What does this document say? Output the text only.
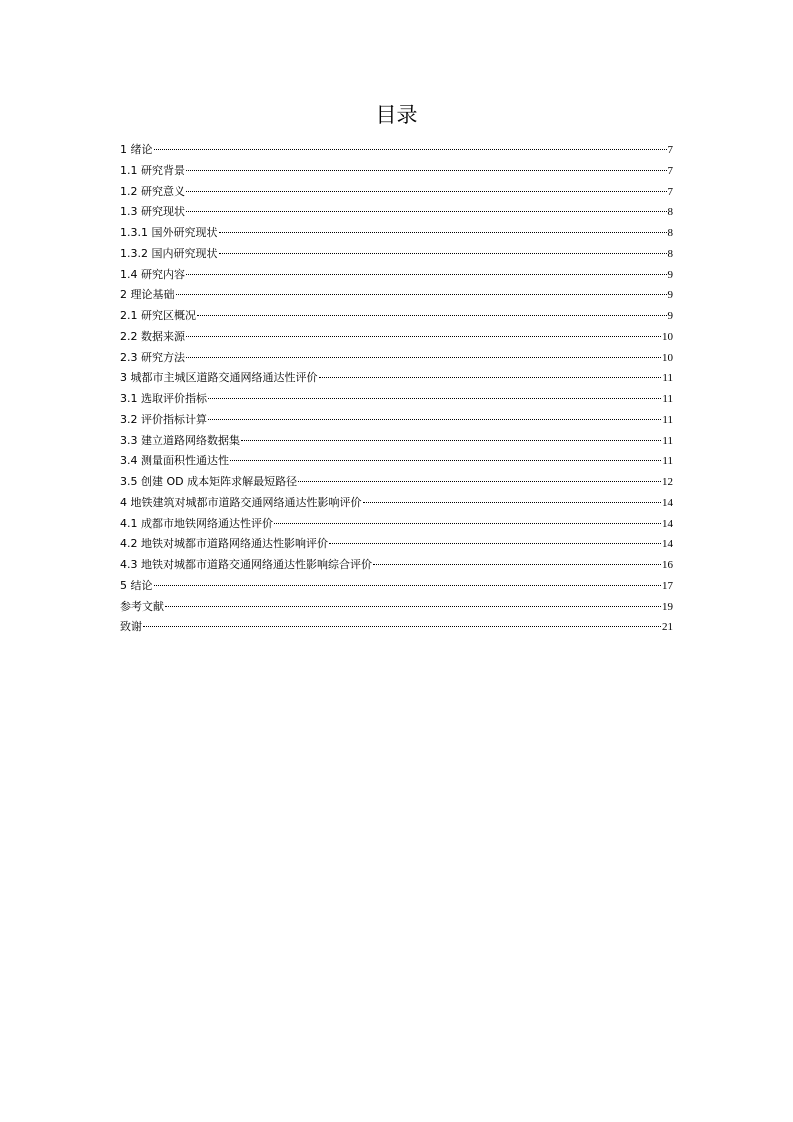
目录
1 绪论	7
1.1 研究背景	7
1.2 研究意义	7
1.3 研究现状	8
1.3.1 国外研究现状	8
1.3.2 国内研究现状	8
1.4 研究内容	9
2 理论基础	9
2.1 研究区概况	9
2.2 数据来源	10
2.3 研究方法	10
3 城都市主城区道路交通网络通达性评价	11
3.1 选取评价指标	11
3.2 评价指标计算	11
3.3 建立道路网络数据集	11
3.4 测量面积性通达性	11
3.5 创建 OD 成本矩阵求解最短路径	12
4 地铁建筑对城都市道路交通网络通达性影响评价	14
4.1 成都市地铁网络通达性评价	14
4.2 地铁对城都市道路网络通达性影响评价	14
4.3 地铁对城都市道路交通网络通达性影响综合评价	16
5 结论	17
参考文献	19
致谢	21
